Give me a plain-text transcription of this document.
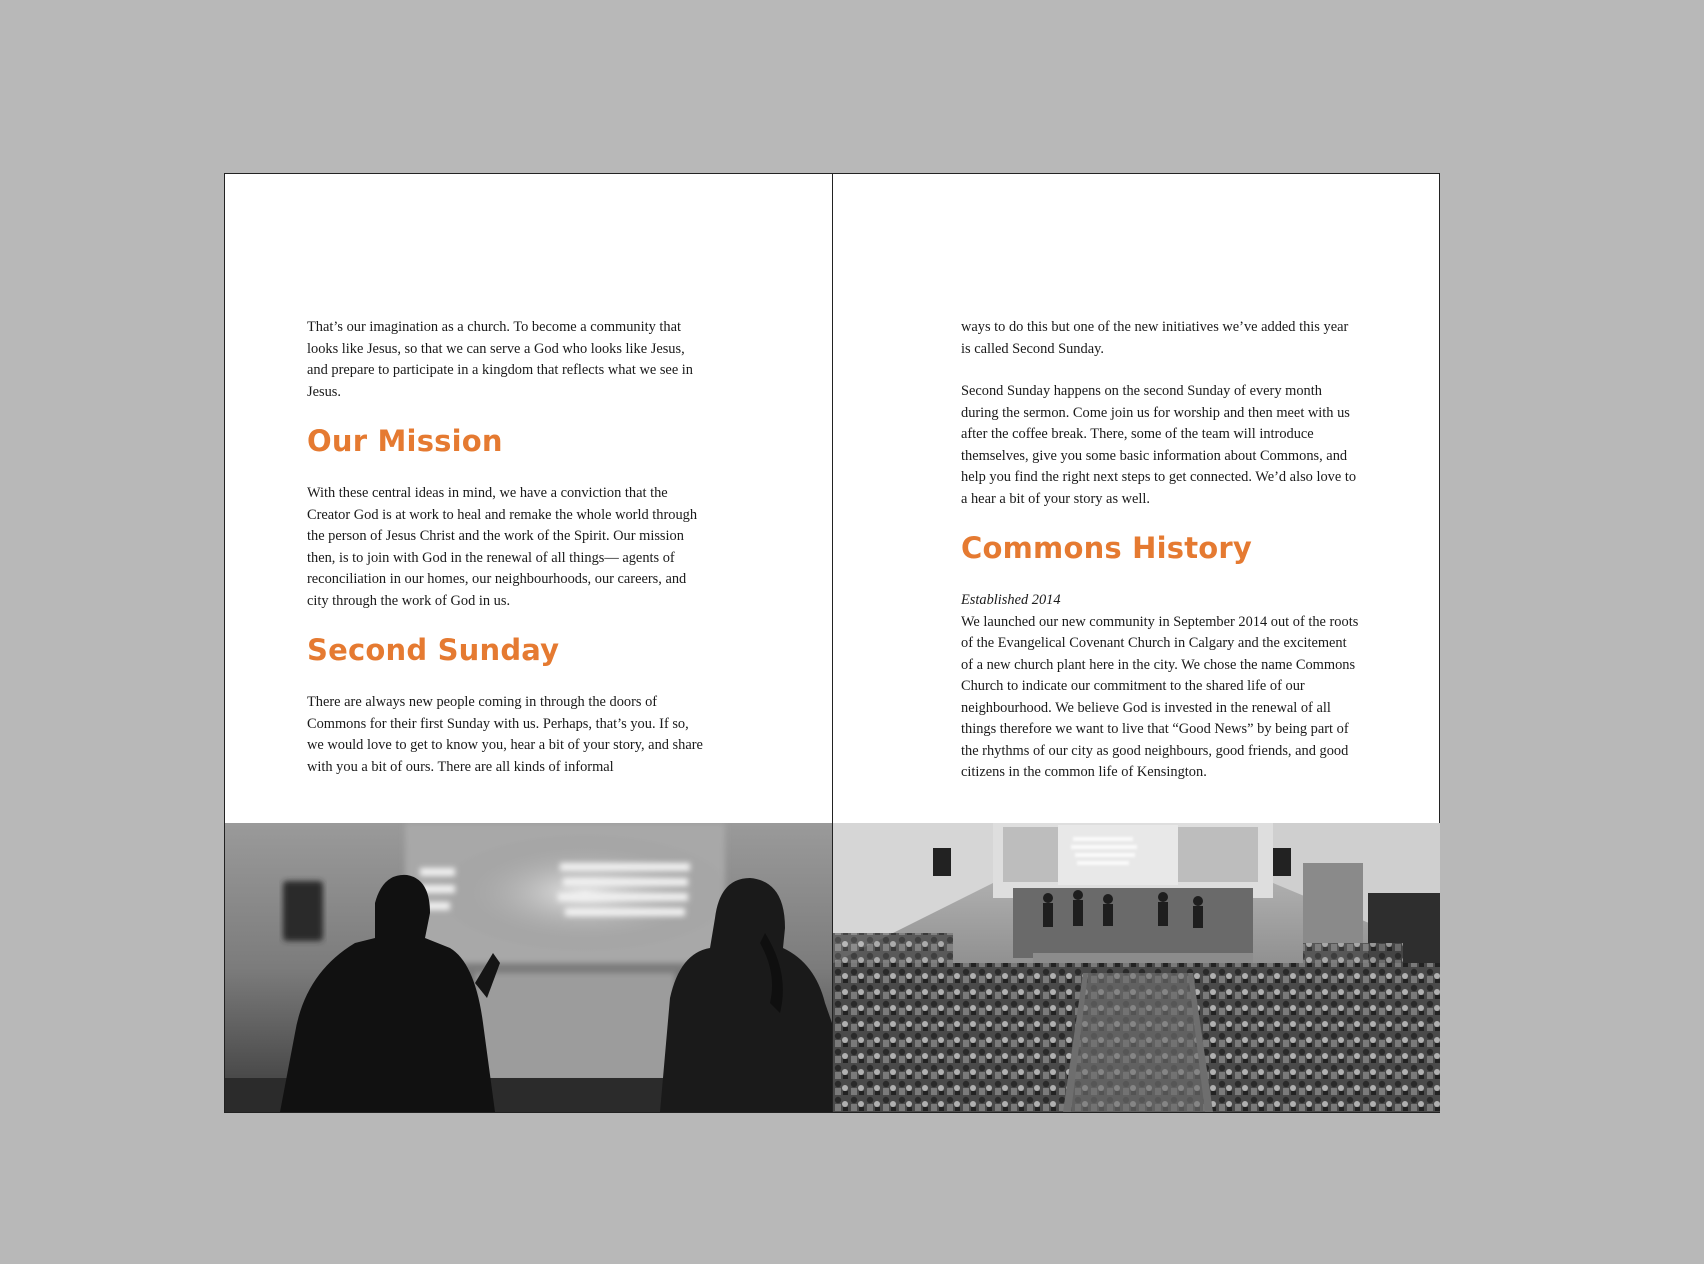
That’s our imagination as a church. To become a community that looks like Jesus, so that we can serve a God who looks like Jesus, and prepare to participate in a kingdom that reflects what we see in Jesus.

Our Mission

With these central ideas in mind, we have a conviction that the Creator God is at work to heal and remake the whole world through the person of Jesus Christ and the work of the Spirit. Our mission then, is to join with God in the renewal of all things— agents of reconciliation in our homes, our neighbourhoods, our careers, and city through the work of God in us.

Second Sunday

There are always new people coming in through the doors of Commons for their first Sunday with us. Perhaps, that’s you. If so, we would love to get to know you, hear a bit of your story, and share with you a bit of ours. There are all kinds of informal

ways to do this but one of the new initiatives we’ve added this year is called Second Sunday.

Second Sunday happens on the second Sunday of every month during the sermon. Come join us for worship and then meet with us after the coffee break. There, some of the team will introduce themselves, give you some basic information about Commons, and help you find the right next steps to get connected. We’d also love to a hear a bit of your story as well.

Commons History

Established 2014

We launched our new community in September 2014 out of the roots of the Evangelical Covenant Church in Calgary and the excitement of a new church plant here in the city. We chose the name Commons Church to indicate our commitment to the shared life of our neighbourhood. We believe God is invested in the renewal of all things therefore we want to live that “Good News” by being part of the rhythms of our city as good neighbours, good friends, and good citizens in the common life of Kensington.
